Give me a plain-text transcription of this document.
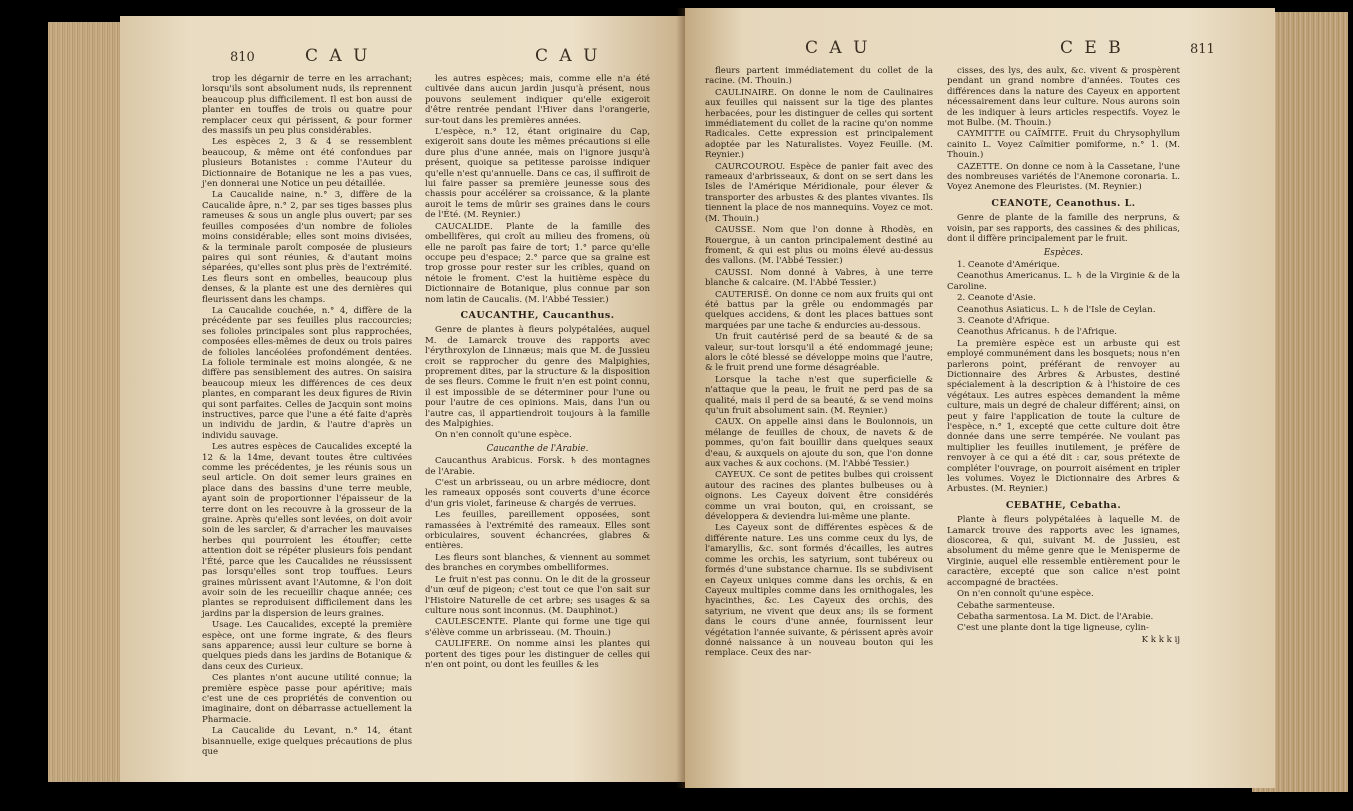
810	C A U	C A U

trop les dégarnir de terre en les arrachant; lorsqu'ils sont absolument nuds, ils reprennent beaucoup plus difficilement. Il est bon aussi de planter en touffes de trois ou quatre pour remplacer ceux qui périssent, & pour former des massifs un peu plus considérables.

Les espèces 2, 3 & 4 se ressemblent beaucoup, & même ont été confondues par plusieurs Botanistes : comme l'Auteur du Dictionnaire de Botanique ne les a pas vues, j'en donnerai une Notice un peu détaillée.

La Caucalide naine, n.° 3, diffère de la Caucalide âpre, n.° 2, par ses tiges basses plus rameuses & sous un angle plus ouvert; par ses feuilles composées d'un nombre de folioles moins considérable; elles sont moins divisées, & la terminale paroît composée de plusieurs paires qui sont réunies, & d'autant moins séparées, qu'elles sont plus près de l'extrémité. Les fleurs sont en ombelles, beaucoup plus denses, & la plante est une des dernières qui fleurissent dans les champs.

La Caucalide couchée, n.° 4, diffère de la précédente par ses feuilles plus raccourcies; ses folioles principales sont plus rapprochées, composées elles-mêmes de deux ou trois paires de folioles lancéolées profondément dentées. La foliole terminale est moins alongée, & ne diffère pas sensiblement des autres. On saisira beaucoup mieux les différences de ces deux plantes, en comparant les deux figures de Rivin qui sont parfaites. Celles de Jacquin sont moins instructives, parce que l'une a été faite d'après un individu de jardin, & l'autre d'après un individu sauvage.

Les autres espèces de Caucalides excepté la 12 & la 14me, devant toutes être cultivées comme les précédentes, je les réunis sous un seul article. On doit semer leurs graines en place dans des bassins d'une terre meuble, ayant soin de proportionner l'épaisseur de la terre dont on les recouvre à la grosseur de la graine. Après qu'elles sont levées, on doit avoir soin de les sarcler, & d'arracher les mauvaises herbes qui pourroient les étouffer; cette attention doit se répéter plusieurs fois pendant l'Été, parce que les Caucalides ne réussissent pas lorsqu'elles sont trop touffues. Leurs graines mûrissent avant l'Automne, & l'on doit avoir soin de les recueillir chaque année; ces plantes se reproduisent difficilement dans les jardins par la dispersion de leurs graines.

Usage. Les Caucalides, excepté la première espèce, ont une forme ingrate, & des fleurs sans apparence; aussi leur culture se borne à quelques pieds dans les jardins de Botanique & dans ceux des Curieux.

Ces plantes n'ont aucune utilité connue; la première espèce passe pour apéritive; mais c'est une de ces propriétés de convention ou imaginaire, dont on débarrasse actuellement la Pharmacie.

La Caucalide du Levant, n.° 14, étant bisannuelle, exige quelques précautions de plus que

les autres espèces; mais, comme elle n'a été cultivée dans aucun jardin jusqu'à présent, nous pouvons seulement indiquer qu'elle exigeroit d'être rentrée pendant l'Hiver dans l'orangerie, sur-tout dans les premières années.

L'espèce, n.° 12, étant originaire du Cap, exigeroit sans doute les mêmes précautions si elle dure plus d'une année, mais on l'ignore jusqu'à présent, quoique sa petitesse paroisse indiquer qu'elle n'est qu'annuelle. Dans ce cas, il suffiroit de lui faire passer sa première jeunesse sous des chassis pour accélérer sa croissance, & la plante auroit le tems de mûrir ses graines dans le cours de l'Été. (M. Reynier.)

CAUCALIDE. Plante de la famille des ombellifères, qui croît au milieu des fromens, où elle ne paroît pas faire de tort; 1.° parce qu'elle occupe peu d'espace; 2.° parce que sa graine est trop grosse pour rester sur les cribles, quand on nétoie le froment. C'est la huitième espèce du Dictionnaire de Botanique, plus connue par son nom latin de Caucalis. (M. l'Abbé Tessier.)

CAUCANTHE, Caucanthus.

Genre de plantes à fleurs polypétalées, auquel M. de Lamarck trouve des rapports avec l'érythroxylon de Linnæus; mais que M. de Jussieu croit se rapprocher du genre des Malpighies, proprement dites, par la structure & la disposition de ses fleurs. Comme le fruit n'en est point connu, il est impossible de se déterminer pour l'une ou pour l'autre de ces opinions. Mais, dans l'un ou l'autre cas, il appartiendroit toujours à la famille des Malpighies.

On n'en connoît qu'une espèce.

Caucanthe de l'Arabie.

Caucanthus Arabicus. Forsk. ♄ des montagnes de l'Arabie.

C'est un arbrisseau, ou un arbre médiocre, dont les rameaux opposés sont couverts d'une écorce d'un gris violet, farineuse & chargés de verrues.

Les feuilles, pareillement opposées, sont ramassées à l'extrémité des rameaux. Elles sont orbiculaires, souvent échancrées, glabres & entières.

Les fleurs sont blanches, & viennent au sommet des branches en corymbes ombelliformes.

Le fruit n'est pas connu. On le dit de la grosseur d'un œuf de pigeon; c'est tout ce que l'on sait sur l'Histoire Naturelle de cet arbre; ses usages & sa culture nous sont inconnus. (M. Dauphinot.)

CAULESCENTE. Plante qui forme une tige qui s'élève comme un arbrisseau. (M. Thouin.)

CAULIFERE. On nomme ainsi les plantes qui portent des tiges pour les distinguer de celles qui n'en ont point, ou dont les feuilles & les

C A U	C E B	811

fleurs partent immédiatement du collet de la racine. (M. Thouin.)

CAULINAIRE. On donne le nom de Caulinaires aux feuilles qui naissent sur la tige des plantes herbacées, pour les distinguer de celles qui sortent immédiatement du collet de la racine qu'on nomme Radicales. Cette expression est principalement adoptée par les Naturalistes. Voyez Feuille. (M. Reynier.)

CAURCOUROU. Espèce de panier fait avec des rameaux d'arbrisseaux, & dont on se sert dans les Isles de l'Amérique Méridionale, pour élever & transporter des arbustes & des plantes vivantes. Ils tiennent la place de nos mannequins. Voyez ce mot. (M. Thouin.)

CAUSSE. Nom que l'on donne à Rhodès, en Rouergue, à un canton principalement destiné au froment, & qui est plus ou moins élevé au-dessus des vallons. (M. l'Abbé Tessier.)

CAUSSI. Nom donné à Vabres, à une terre blanche & calcaire. (M. l'Abbé Tessier.)

CAUTERISÉ. On donne ce nom aux fruits qui ont été battus par la grêle ou endommagés par quelques accidens, & dont les places battues sont marquées par une tache & endurcies au-dessous.

Un fruit cautérisé perd de sa beauté & de sa valeur, sur-tout lorsqu'il a été endommagé jeune; alors le côté blessé se développe moins que l'autre, & le fruit prend une forme désagréable.

Lorsque la tache n'est que superficielle & n'attaque que la peau, le fruit ne perd pas de sa qualité, mais il perd de sa beauté, & se vend moins qu'un fruit absolument sain. (M. Reynier.)

CAUX. On appelle ainsi dans le Boulonnois, un mélange de feuilles de choux, de navets & de pommes, qu'on fait bouillir dans quelques seaux d'eau, & auxquels on ajoute du son, que l'on donne aux vaches & aux cochons. (M. l'Abbé Tessier.)

CAYEUX. Ce sont de petites bulbes qui croissent autour des racines des plantes bulbeuses ou à oignons. Les Cayeux doivent être considérés comme un vrai bouton, qui, en croissant, se développera & deviendra lui-même une plante.

Les Cayeux sont de différentes espèces & de différente nature. Les uns comme ceux du lys, de l'amaryllis, &c. sont formés d'écailles, les autres comme les orchis, les satyrium, sont tubéreux ou formés d'une substance charnue. Ils se subdivisent en Cayeux uniques comme dans les orchis, & en Cayeux multiples comme dans les ornithogales, les hyacinthes, &c. Les Cayeux des orchis, des satyrium, ne vivent que deux ans; ils se forment dans le cours d'une année, fournissent leur végétation l'année suivante, & périssent après avoir donné naissance à un nouveau bouton qui les remplace. Ceux des nar-

cisses, des lys, des aulx, &c. vivent & prospèrent pendant un grand nombre d'années. Toutes ces différences dans la nature des Cayeux en apportent nécessairement dans leur culture. Nous aurons soin de les indiquer à leurs articles respectifs. Voyez le mot Bulbe. (M. Thouin.)

CAYMITTE ou CAÏMITE. Fruit du Chrysophyllum cainito L. Voyez Caïmitier pomiforme, n.° 1. (M. Thouin.)

CAZETTE. On donne ce nom à la Cassetane, l'une des nombreuses variétés de l'Anemone coronaria. L. Voyez Anemone des Fleuristes. (M. Reynier.)

CEANOTE, Ceanothus. L.

Genre de plante de la famille des nerpruns, & voisin, par ses rapports, des cassines & des philicas, dont il diffère principalement par le fruit.

Espèces.

1. Ceanote d'Amérique.

Ceanothus Americanus. L. ♄ de la Virginie & de la Caroline.

2. Ceanote d'Asie.

Ceanothus Asiaticus. L. ♄ de l'Isle de Ceylan.

3. Ceanote d'Afrique.

Ceanothus Africanus. ♄ de l'Afrique.

La première espèce est un arbuste qui est employé communément dans les bosquets; nous n'en parlerons point, préférant de renvoyer au Dictionnaire des Arbres & Arbustes, destiné spécialement à la description & à l'histoire de ces végétaux. Les autres espèces demandent la même culture, mais un degré de chaleur différent; ainsi, on peut y faire l'application de toute la culture de l'espèce, n.° 1, excepté que cette culture doit être donnée dans une serre tempérée. Ne voulant pas multiplier les feuilles inutilement, je préfère de renvoyer à ce qui a été dit : car, sous prétexte de compléter l'ouvrage, on pourroit aisément en tripler les volumes. Voyez le Dictionnaire des Arbres & Arbustes. (M. Reynier.)

CEBATHE, Cebatha.

Plante à fleurs polypétalées à laquelle M. de Lamarck trouve des rapports avec les ignames, dioscorea, & qui, suivant M. de Jussieu, est absolument du même genre que le Menisperme de Virginie, auquel elle ressemble entièrement pour le caractère, excepté que son calice n'est point accompagné de bractées.

On n'en connoît qu'une espèce.

Cebathe sarmenteuse.

Cebatha sarmentosa. La M. Dict. de l'Arabie.

C'est une plante dont la tige ligneuse, cylin-

K k k k ij
